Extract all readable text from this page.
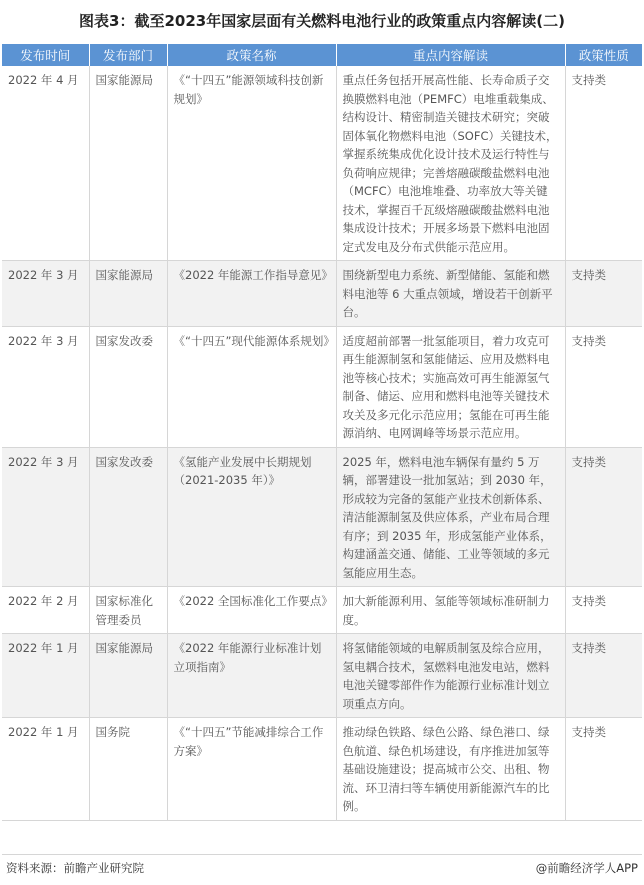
图表3：截至2023年国家层面有关燃料电池行业的政策重点内容解读(二)
发布时间	发布部门	政策名称	重点内容解读	政策性质
2022 年 4 月	国家能源局	《“十四五”能源领域科技创新规划》	重点任务包括开展高性能、长寿命质子交换膜燃料电池（PEMFC）电堆重载集成、结构设计、精密制造关键技术研究；突破固体氧化物燃料电池（SOFC）关键技术，掌握系统集成优化设计技术及运行特性与负荷响应规律；完善熔融碳酸盐燃料电池（MCFC）电池堆堆叠、功率放大等关键技术，掌握百千瓦级熔融碳酸盐燃料电池集成设计技术；开展多场景下燃料电池固定式发电及分布式供能示范应用。	支持类
2022 年 3 月	国家能源局	《2022 年能源工作指导意见》	围绕新型电力系统、新型储能、氢能和燃料电池等 6 大重点领域，增设若干创新平台。	支持类
2022 年 3 月	国家发改委	《“十四五”现代能源体系规划》	适度超前部署一批氢能项目，着力攻克可再生能源制氢和氢能储运、应用及燃料电池等核心技术；实施高效可再生能源氢气制备、储运、应用和燃料电池等关键技术攻关及多元化示范应用；氢能在可再生能源消纳、电网调峰等场景示范应用。	支持类
2022 年 3 月	国家发改委	《氢能产业发展中长期规划（2021-2035 年）》	2025 年，燃料电池车辆保有量约 5 万辆，部署建设一批加氢站；到 2030 年，形成较为完备的氢能产业技术创新体系、清洁能源制氢及供应体系，产业布局合理有序；到 2035 年，形成氢能产业体系，构建涵盖交通、储能、工业等领域的多元氢能应用生态。	支持类
2022 年 2 月	国家标准化管理委员	《2022 全国标准化工作要点》	加大新能源利用、氢能等领域标准研制力度。	支持类
2022 年 1 月	国家能源局	《2022 年能源行业标准计划立项指南》	将氢储能领域的电解质制氢及综合应用，氢电耦合技术，氢燃料电池发电站，燃料电池关键零部件作为能源行业标准计划立项重点方向。	支持类
2022 年 1 月	国务院	《“十四五”节能减排综合工作方案》	推动绿色铁路、绿色公路、绿色港口、绿色航道、绿色机场建设，有序推进加氢等基础设施建设；提高城市公交、出租、物流、环卫清扫等车辆使用新能源汽车的比例。	支持类
资料来源：前瞻产业研究院	@前瞻经济学人APP
